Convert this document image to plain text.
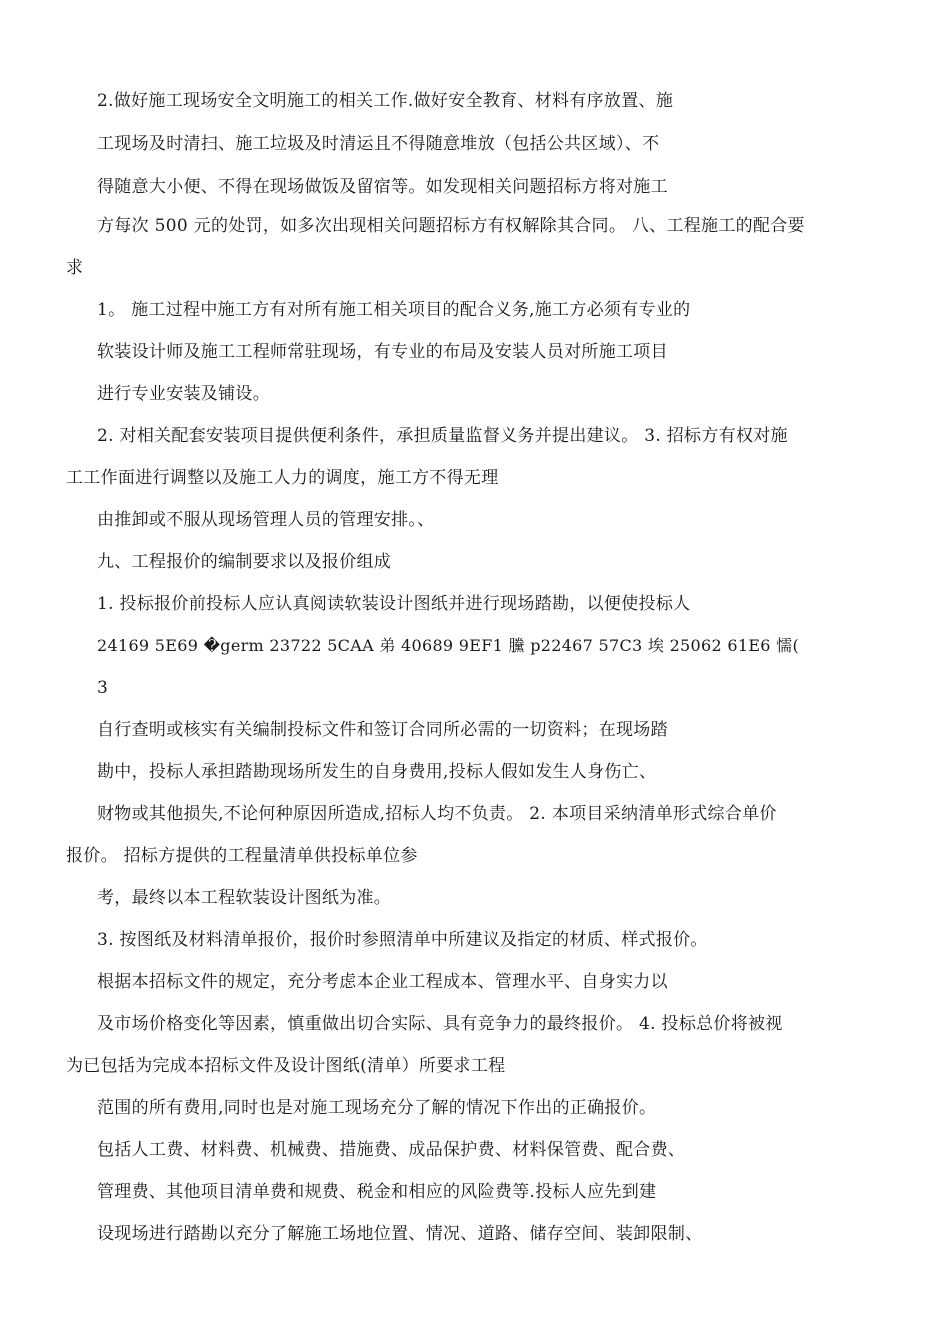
2.做好施工现场安全文明施工的相关工作.做好安全教育、材料有序放置、施
工现场及时清扫、施工垃圾及时清运且不得随意堆放（包括公共区域）、不
得随意大小便、不得在现场做饭及留宿等。如发现相关问题招标方将对施工
方每次 500 元的处罚，如多次出现相关问题招标方有权解除其合同。 八、工程施工的配合要
求
1。 施工过程中施工方有对所有施工相关项目的配合义务,施工方必须有专业的
软装设计师及施工工程师常驻现场，有专业的布局及安装人员对所施工项目
进行专业安装及铺设。
2. 对相关配套安装项目提供便利条件，承担质量监督义务并提出建议。 3. 招标方有权对施
工工作面进行调整以及施工人力的调度，施工方不得无理
由推卸或不服从现场管理人员的管理安排。、
九、工程报价的编制要求以及报价组成
1. 投标报价前投标人应认真阅读软装设计图纸并进行现场踏勘，以便使投标人
24169 5E69 �germ 23722 5CAA 弟 40689 9EF1 黱 p22467 57C3 埃 25062 61E6 懦(
3
自行查明或核实有关编制投标文件和签订合同所必需的一切资料；在现场踏
勘中，投标人承担踏勘现场所发生的自身费用,投标人假如发生人身伤亡、
财物或其他损失,不论何种原因所造成,招标人均不负责。 2. 本项目采纳清单形式综合单价
报价。 招标方提供的工程量清单供投标单位参
考，最终以本工程软装设计图纸为准。
3. 按图纸及材料清单报价，报价时参照清单中所建议及指定的材质、样式报价。
根据本招标文件的规定，充分考虑本企业工程成本、管理水平、自身实力以
及市场价格变化等因素，慎重做出切合实际、具有竞争力的最终报价。 4. 投标总价将被视
为已包括为完成本招标文件及设计图纸(清单）所要求工程
范围的所有费用,同时也是对施工现场充分了解的情况下作出的正确报价。
包括人工费、材料费、机械费、措施费、成品保护费、材料保管费、配合费、
管理费、其他项目清单费和规费、税金和相应的风险费等.投标人应先到建
设现场进行踏勘以充分了解施工场地位置、情况、道路、储存空间、装卸限制、
